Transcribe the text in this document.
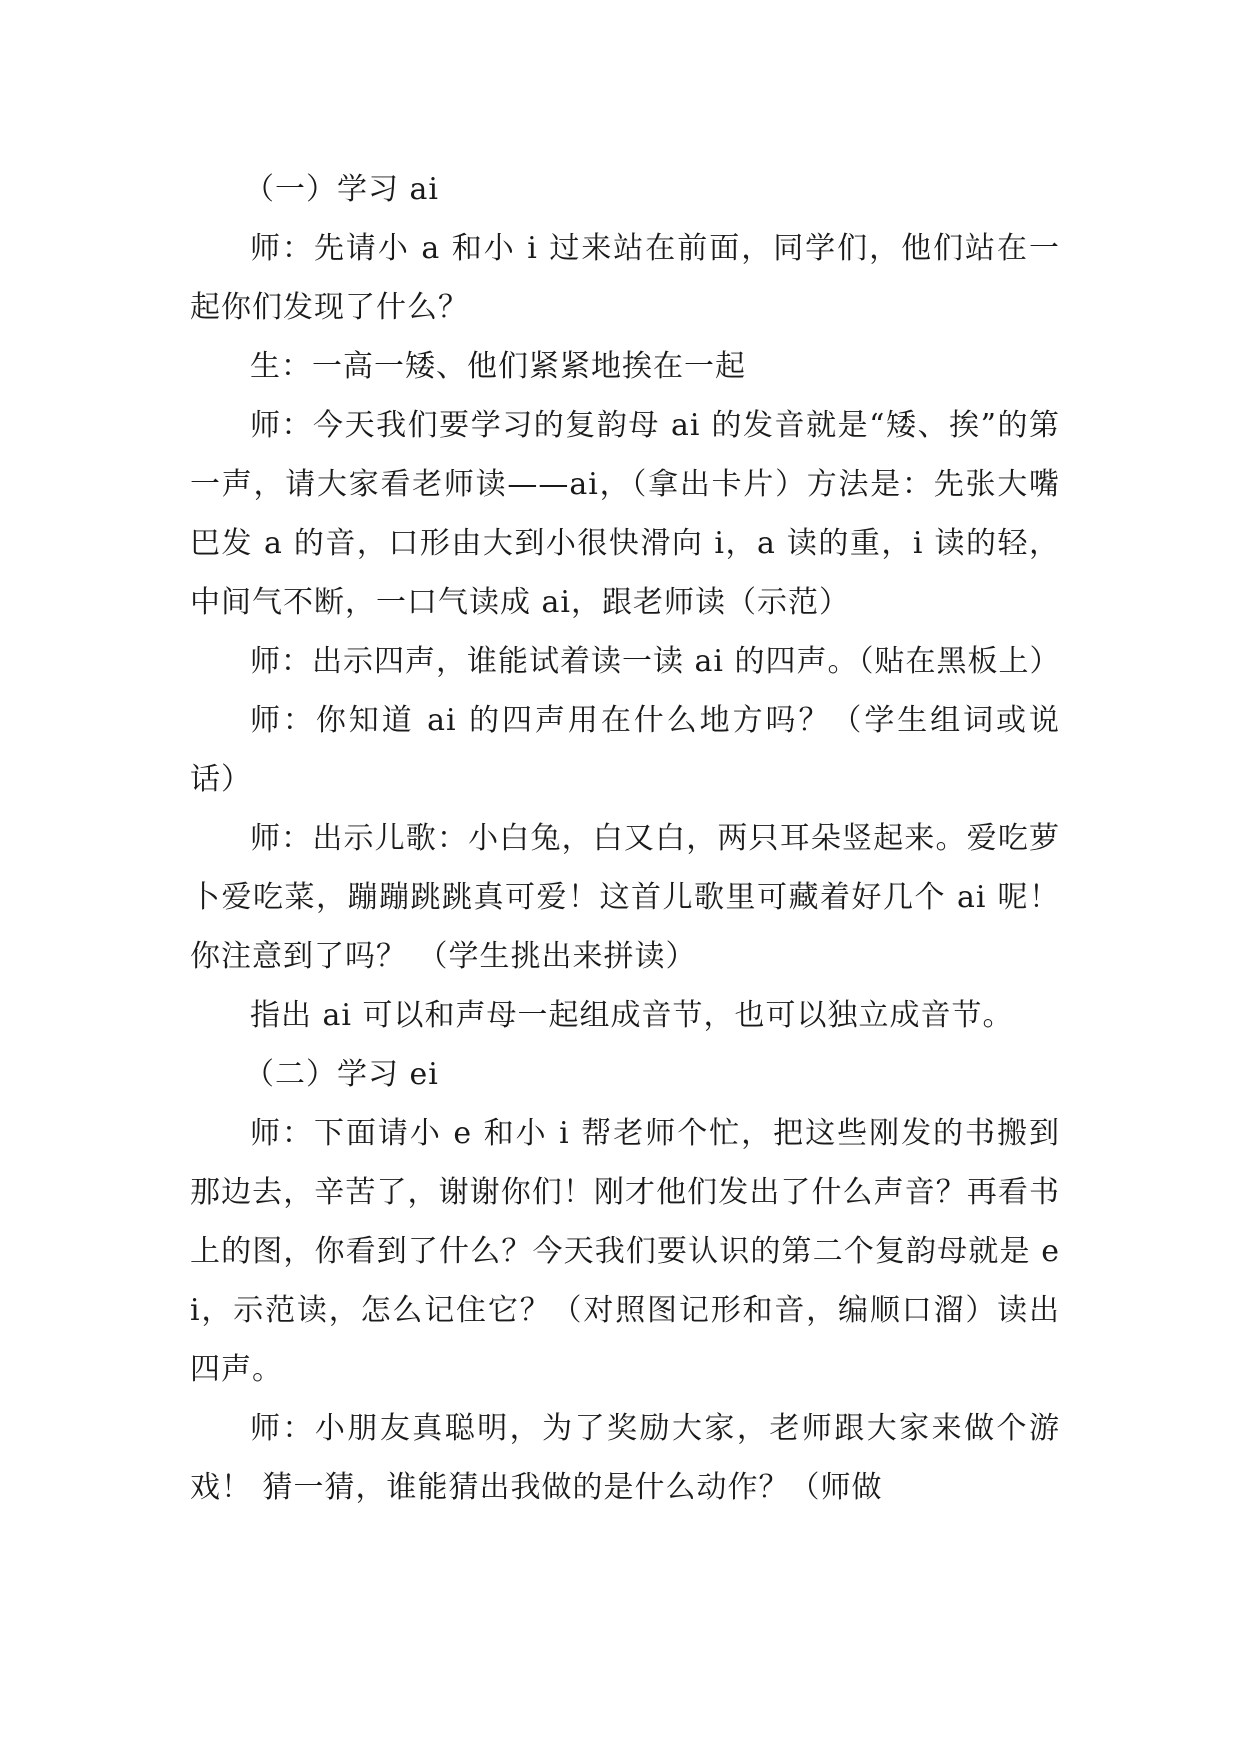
（一）学习 ai

师：先请小 a 和小 i 过来站在前面，同学们，他们站在一起你们发现了什么？

生：一高一矮、他们紧紧地挨在一起

师：今天我们要学习的复韵母 ai 的发音就是“矮、挨”的第一声，请大家看老师读——ai，（拿出卡片）方法是：先张大嘴巴发 a 的音，口形由大到小很快滑向 i，a 读的重，i 读的轻，中间气不断，一口气读成 ai，跟老师读（示范）

师：出示四声，谁能试着读一读 ai 的四声。（贴在黑板上）

师：你知道 ai 的四声用在什么地方吗？（学生组词或说话）

师：出示儿歌：小白兔，白又白，两只耳朵竖起来。爱吃萝卜爱吃菜，蹦蹦跳跳真可爱！这首儿歌里可藏着好几个 ai 呢！你注意到了吗？ （学生挑出来拼读）

指出 ai 可以和声母一起组成音节，也可以独立成音节。

（二）学习 ei

师：下面请小 e 和小 i 帮老师个忙，把这些刚发的书搬到那边去，辛苦了，谢谢你们！刚才他们发出了什么声音？再看书上的图，你看到了什么？今天我们要认识的第二个复韵母就是 ei，示范读，怎么记住它？（对照图记形和音，编顺口溜）读出四声。

师：小朋友真聪明，为了奖励大家，老师跟大家来做个游戏！ 猜一猜，谁能猜出我做的是什么动作？（师做
